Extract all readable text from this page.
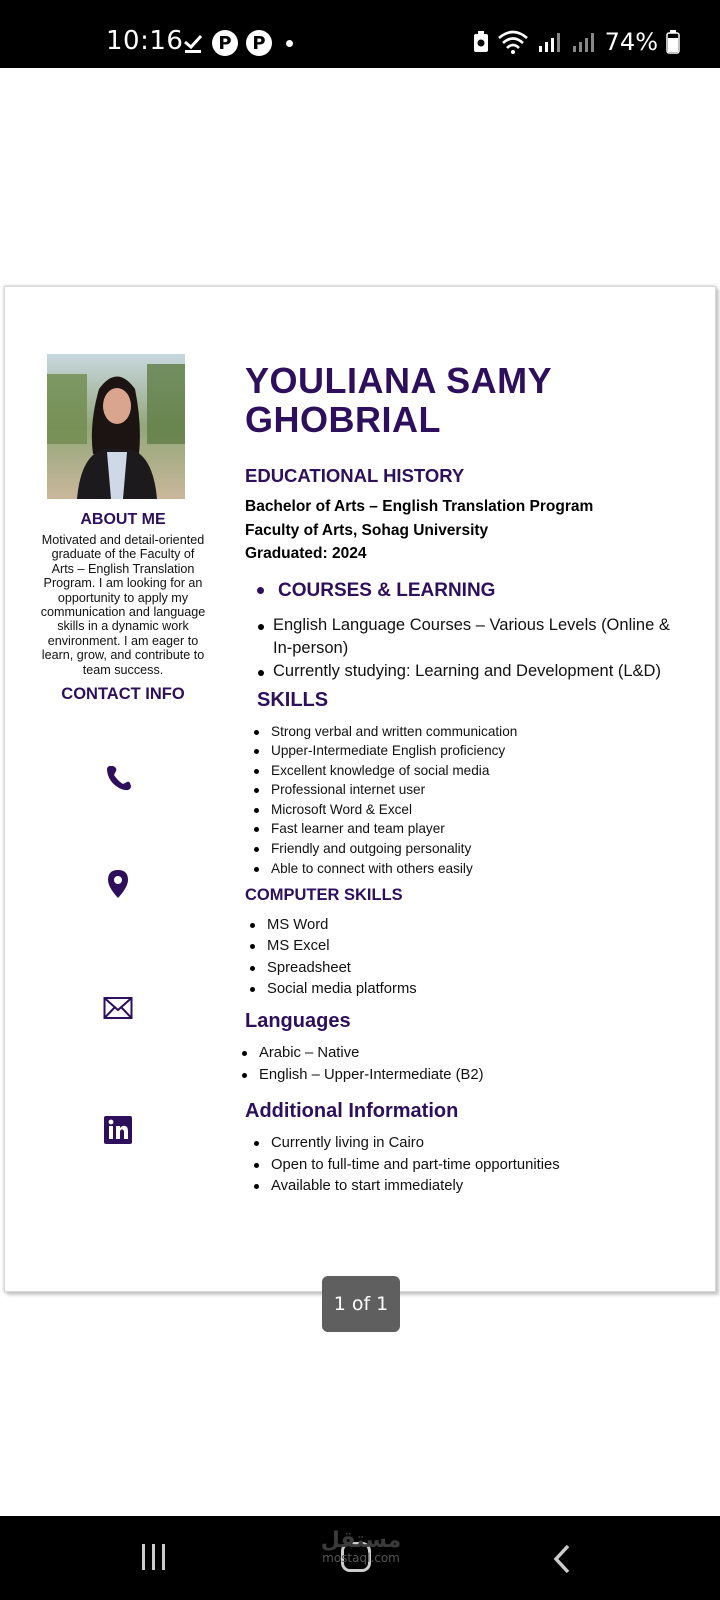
10:16	P	P	74%
ABOUT ME
Motivated and detail-oriented graduate of the Faculty of Arts – English Translation Program. I am looking for an opportunity to apply my communication and language skills in a dynamic work environment. I am eager to learn, grow, and contribute to team success.
CONTACT INFO
YOULIANA SAMY
GHOBRIAL
EDUCATIONAL HISTORY
Bachelor of Arts – English Translation Program
Faculty of Arts, Sohag University
Graduated: 2024
COURSES & LEARNING
English Language Courses – Various Levels (Online & In-person)
Currently studying: Learning and Development (L&D)
SKILLS
Strong verbal and written communication
Upper-Intermediate English proficiency
Excellent knowledge of social media
Professional internet user
Microsoft Word & Excel
Fast learner and team player
Friendly and outgoing personality
Able to connect with others easily
COMPUTER SKILLS
MS Word
MS Excel
Spreadsheet
Social media platforms
Languages
Arabic – Native
English – Upper-Intermediate (B2)
Additional Information
Currently living in Cairo
Open to full-time and part-time opportunities
Available to start immediately
1 of 1
مستقل
mostaql.com
